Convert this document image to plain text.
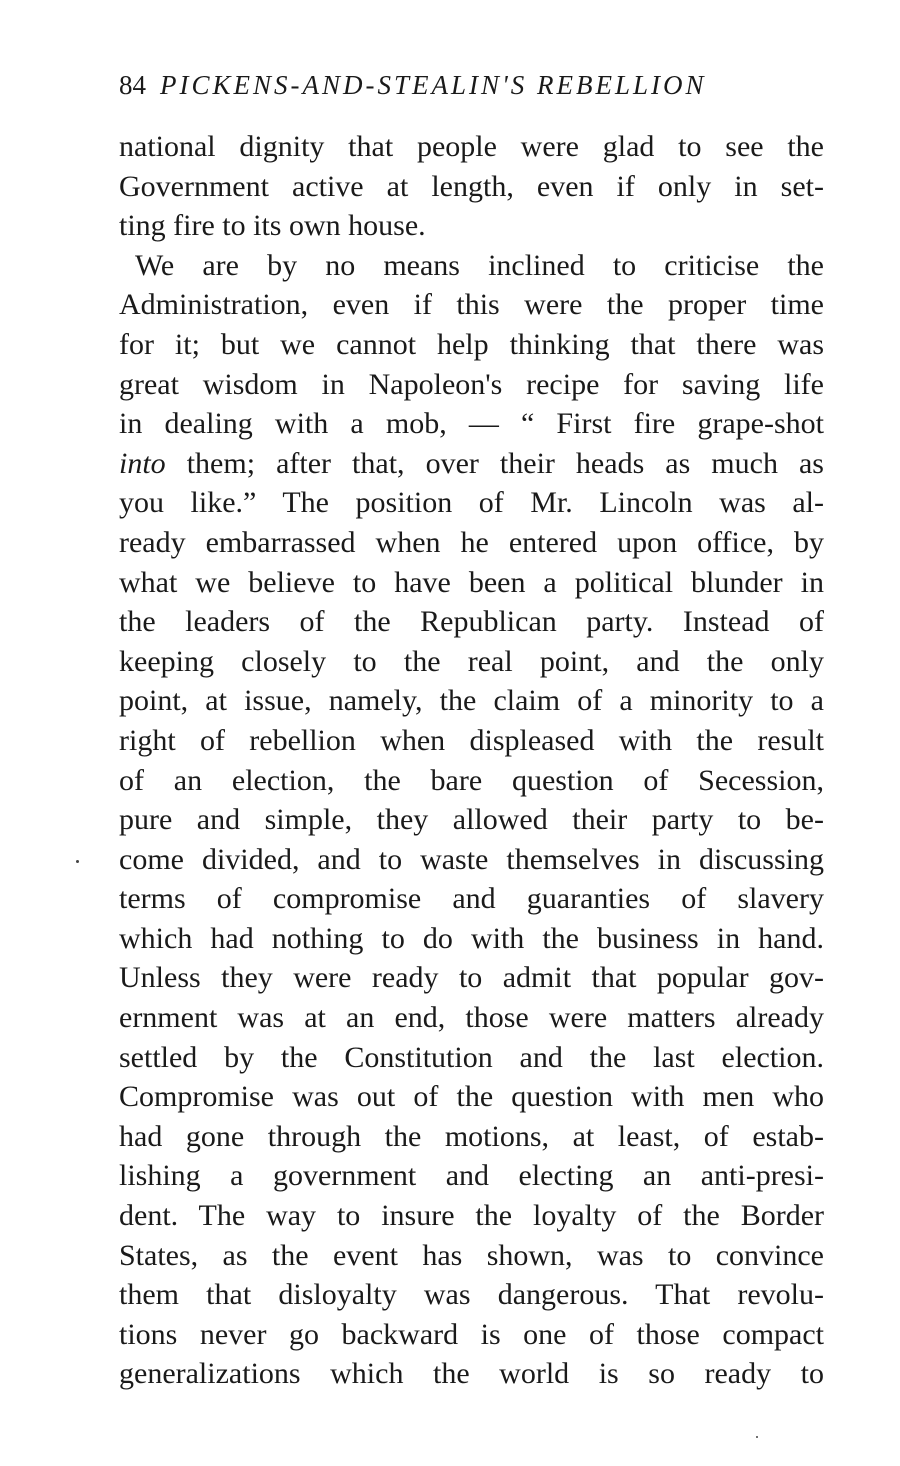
84 PICKENS-AND-STEALIN'S REBELLION
national dignity that people were glad to see the
Government active at length, even if only in set-
ting fire to its own house.
We are by no means inclined to criticise the
Administration, even if this were the proper time
for it; but we cannot help thinking that there was
great wisdom in Napoleon's recipe for saving life
in dealing with a mob, — “ First fire grape-shot
into them; after that, over their heads as much as
you like.” The position of Mr. Lincoln was al-
ready embarrassed when he entered upon office, by
what we believe to have been a political blunder in
the leaders of the Republican party. Instead of
keeping closely to the real point, and the only
point, at issue, namely, the claim of a minority to a
right of rebellion when displeased with the result
of an election, the bare question of Secession,
pure and simple, they allowed their party to be-
come divided, and to waste themselves in discussing
terms of compromise and guaranties of slavery
which had nothing to do with the business in hand.
Unless they were ready to admit that popular gov-
ernment was at an end, those were matters already
settled by the Constitution and the last election.
Compromise was out of the question with men who
had gone through the motions, at least, of estab-
lishing a government and electing an anti-presi-
dent. The way to insure the loyalty of the Border
States, as the event has shown, was to convince
them that disloyalty was dangerous. That revolu-
tions never go backward is one of those compact
generalizations which the world is so ready to
